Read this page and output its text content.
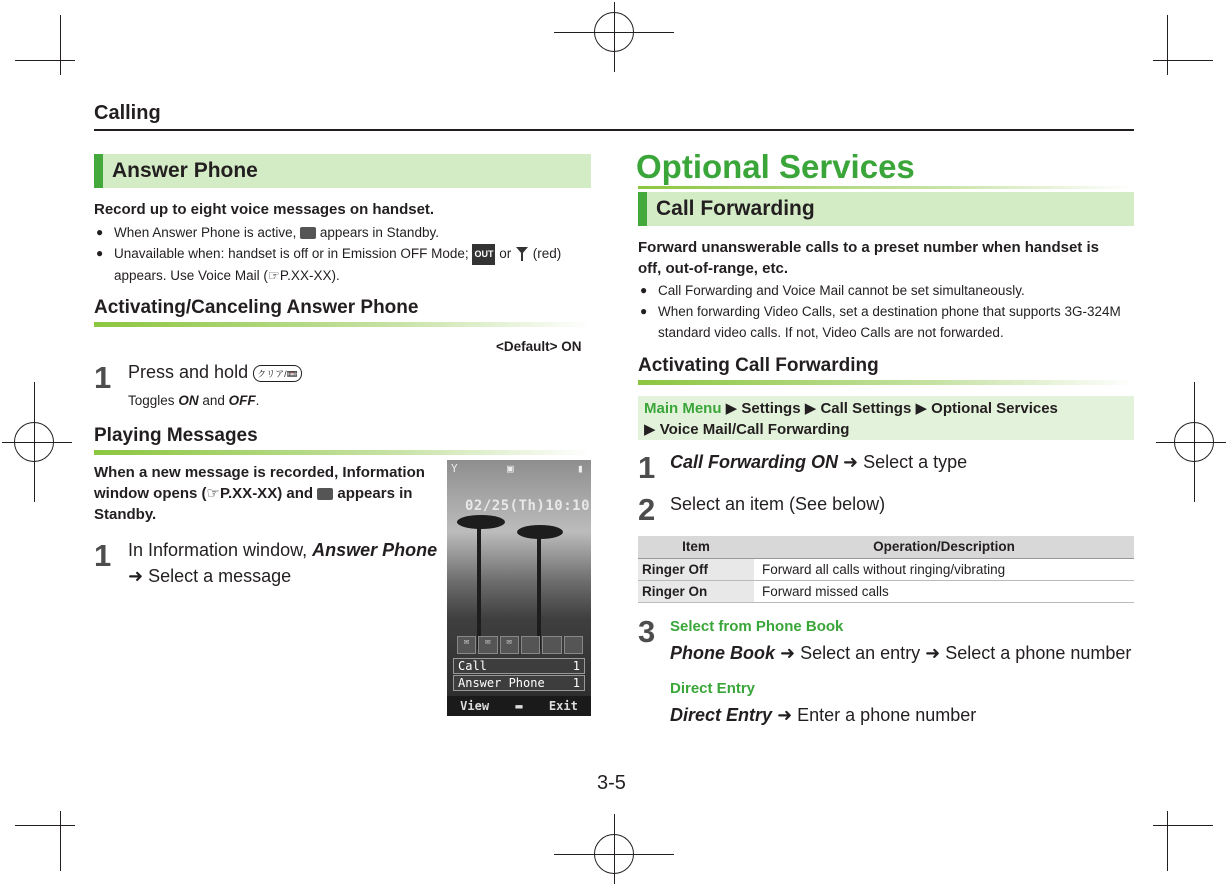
Calling
Answer Phone
Record up to eight voice messages on handset.
● When Answer Phone is active, appears in Standby.
● Unavailable when: handset is off or in Emission OFF Mode; OUT or (red)
appears. Use Voice Mail (☞P.XX-XX).
Activating/Canceling Answer Phone
<Default> ON
1 Press and hold クリア/📼
Toggles ON and OFF.
Playing Messages
When a new message is recorded, Information
window opens (☞P.XX-XX) and appears in
Standby.
1 In Information window, Answer Phone
➜ Select a message
Y	▣	▮
02/25(Th)10:10
✉	✉	✉
Call	1
Answer Phone 1
View ▬ Exit
Optional Services
Call Forwarding
Forward unanswerable calls to a preset number when handset is
off, out-of-range, etc.
● Call Forwarding and Voice Mail cannot be set simultaneously.
● When forwarding Video Calls, set a destination phone that supports 3G-324M
standard video calls. If not, Video Calls are not forwarded.
Activating Call Forwarding
Main Menu ▶ Settings ▶ Call Settings ▶ Optional Services
▶ Voice Mail/Call Forwarding
1 Call Forwarding ON ➜ Select a type
2 Select an item (See below)
Item	Operation/Description
Ringer Off	Forward all calls without ringing/vibrating
Ringer On	Forward missed calls
3 Select from Phone Book
Phone Book ➜ Select an entry ➜ Select a phone number
Direct Entry
Direct Entry ➜ Enter a phone number
3-5
